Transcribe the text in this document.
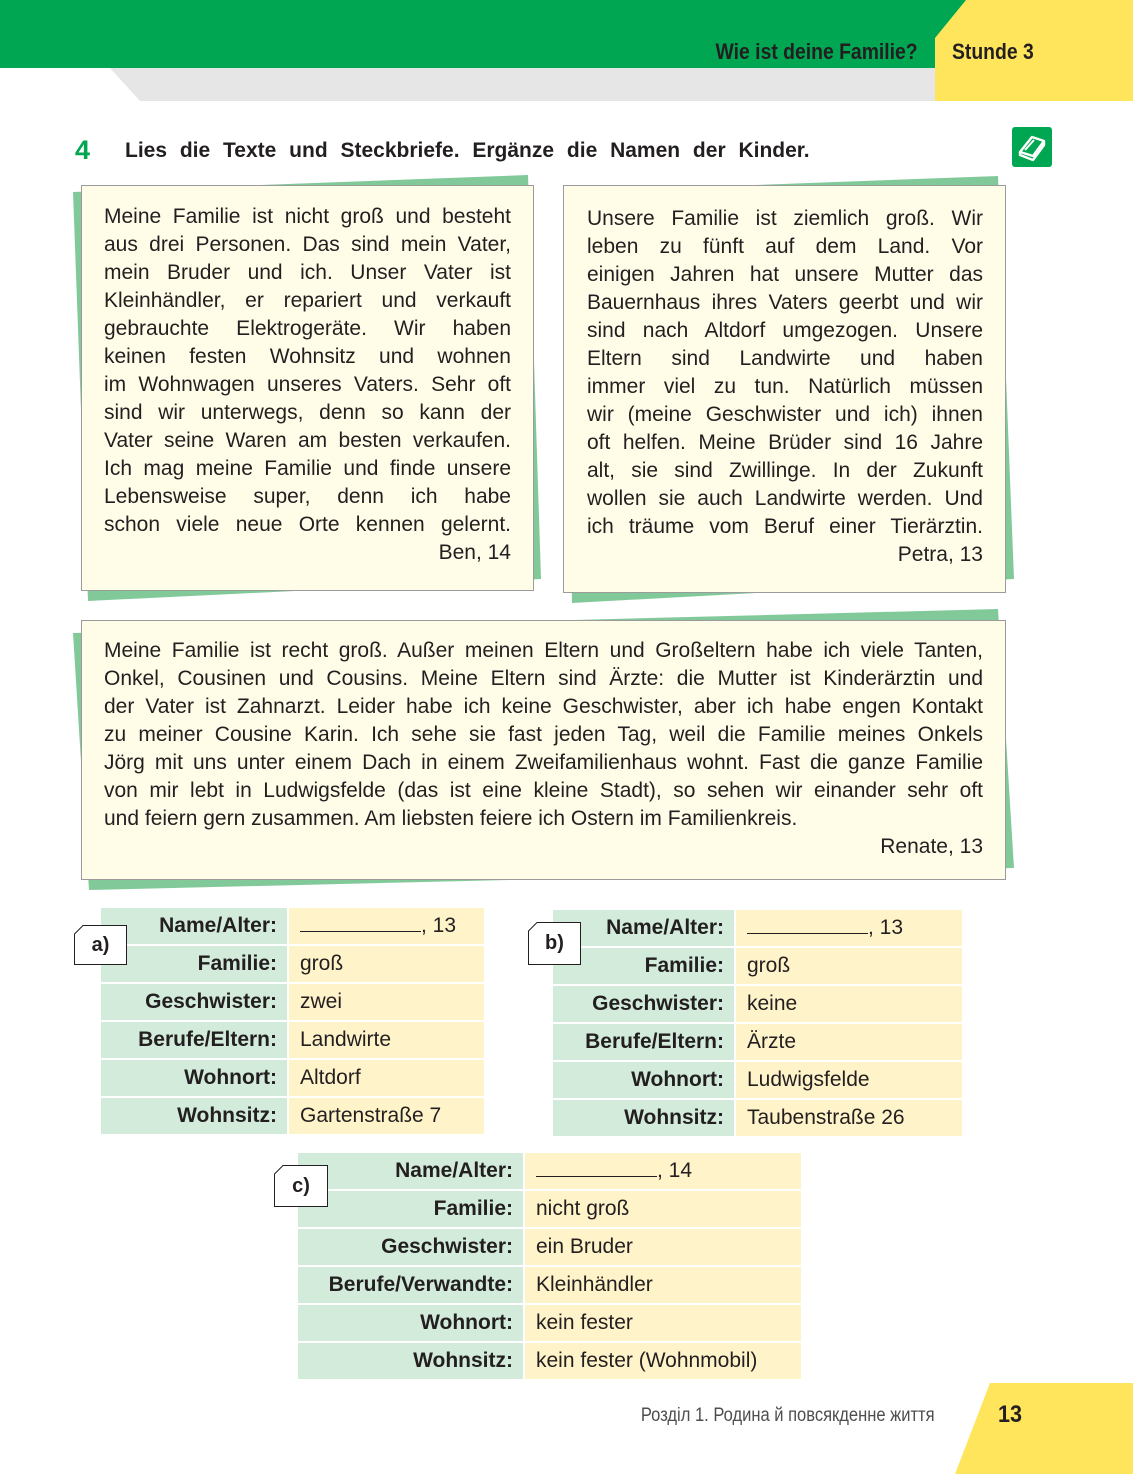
Wie ist deine Familie? Stunde 3
4 Lies die Texte und Steckbriefe. Ergänze die Namen der Kinder.
Meine Familie ist nicht groß und besteht
aus drei Personen. Das sind mein Vater,
mein Bruder und ich. Unser Vater ist
Kleinhändler, er repariert und verkauft
gebrauchte Elektrogeräte. Wir haben
keinen festen Wohnsitz und wohnen
im Wohnwagen unseres Vaters. Sehr oft
sind wir unterwegs, denn so kann der
Vater seine Waren am besten verkaufen.
Ich mag meine Familie und finde unsere
Lebensweise super, denn ich habe
schon viele neue Orte kennen gelernt.
Ben, 14
Unsere Familie ist ziemlich groß. Wir
leben zu fünft auf dem Land. Vor
einigen Jahren hat unsere Mutter das
Bauernhaus ihres Vaters geerbt und wir
sind nach Altdorf umgezogen. Unsere
Eltern sind Landwirte und haben
immer viel zu tun. Natürlich müssen
wir (meine Geschwister und ich) ihnen
oft helfen. Meine Brüder sind 16 Jahre
alt, sie sind Zwillinge. In der Zukunft
wollen sie auch Landwirte werden. Und
ich träume vom Beruf einer Tierärztin.
Petra, 13
Meine Familie ist recht groß. Außer meinen Eltern und Großeltern habe ich viele Tanten,
Onkel, Cousinen und Cousins. Meine Eltern sind Ärzte: die Mutter ist Kinderärztin und
der Vater ist Zahnarzt. Leider habe ich keine Geschwister, aber ich habe engen Kontakt
zu meiner Cousine Karin. Ich sehe sie fast jeden Tag, weil die Familie meines Onkels
Jörg mit uns unter einem Dach in einem Zweifamilienhaus wohnt. Fast die ganze Familie
von mir lebt in Ludwigsfelde (das ist eine kleine Stadt), so sehen wir einander sehr oft
und feiern gern zusammen. Am liebsten feiere ich Ostern im Familienkreis.
Renate, 13
Name/Alter:	, 13
Familie:	groß
Geschwister:	zwei
Berufe/Eltern:	Landwirte
Wohnort:	Altdorf
Wohnsitz:	Gartenstraße 7
a)
Name/Alter:	, 13
Familie:	groß
Geschwister:	keine
Berufe/Eltern:	Ärzte
Wohnort:	Ludwigsfelde
Wohnsitz:	Taubenstraße 26
b)
Name/Alter:	, 14
Familie:	nicht groß
Geschwister:	ein Bruder
Berufe/Verwandte:	Kleinhändler
Wohnort:	kein fester
Wohnsitz:	kein fester (Wohnmobil)
c)
Розділ 1. Родина й повсякденне життя	13
